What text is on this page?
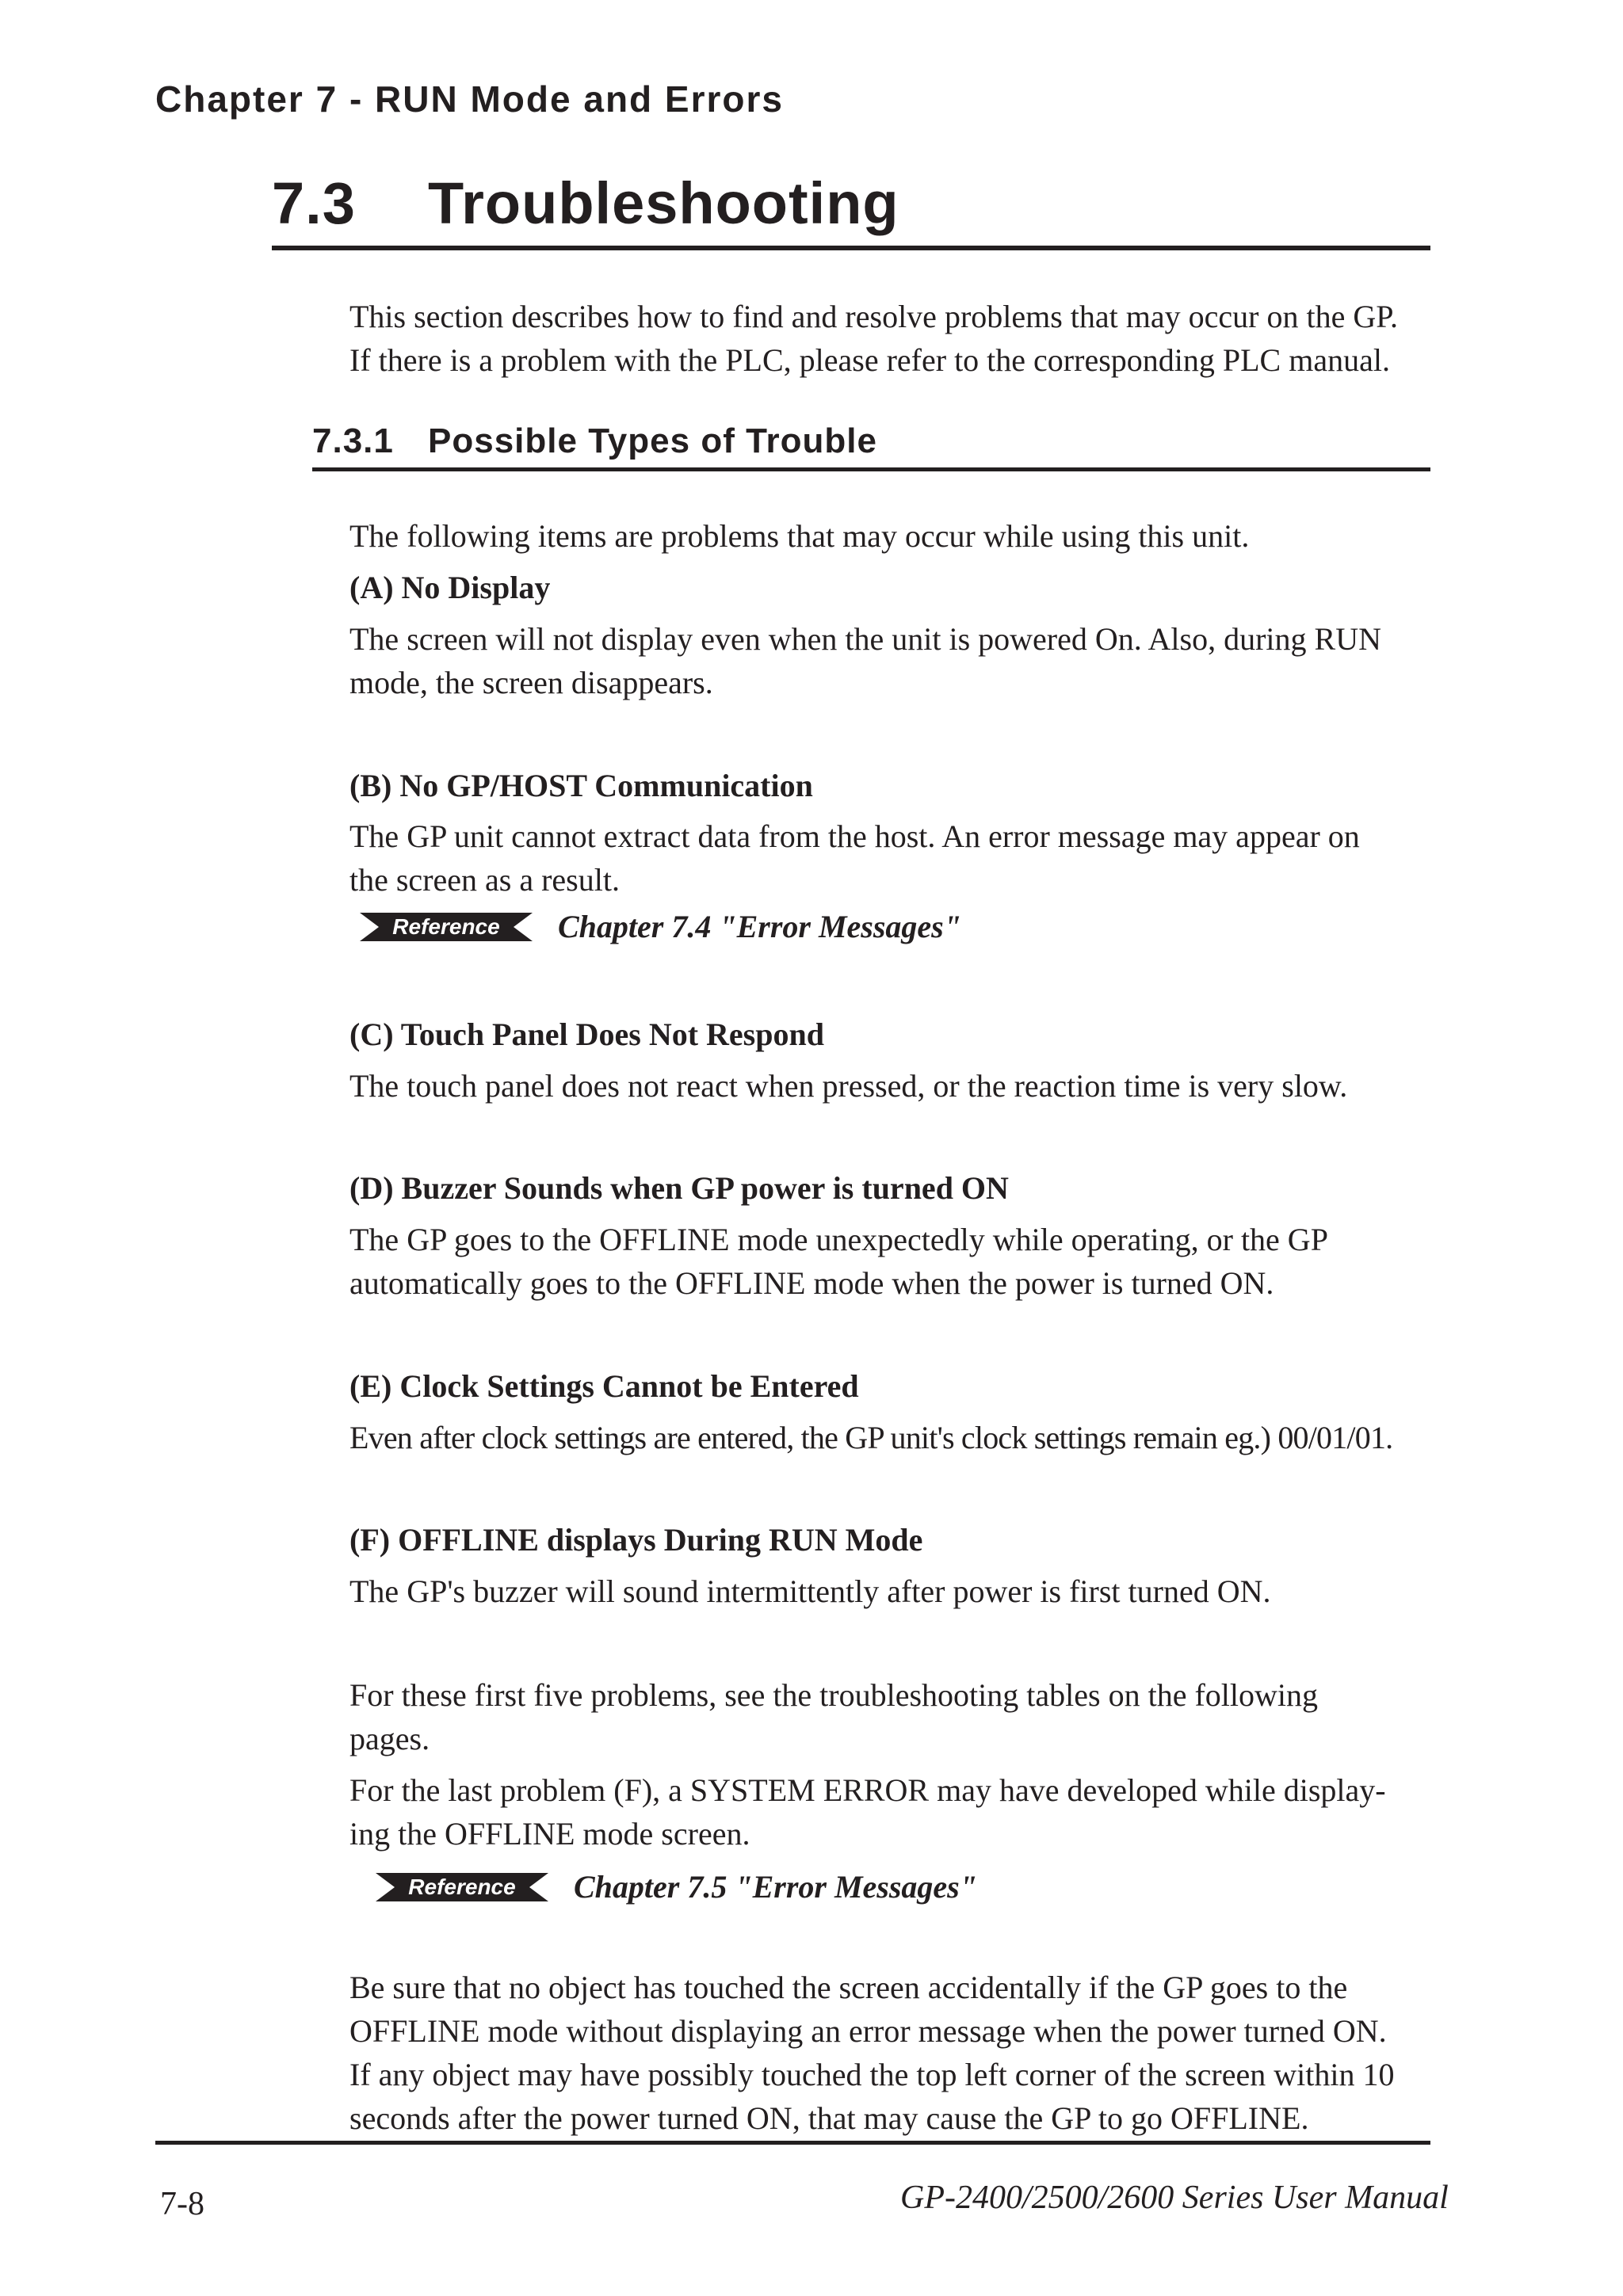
Chapter 7 - RUN Mode and Errors
7.3 Troubleshooting

This section describes how to find and resolve problems that may occur on the GP.
If there is a problem with the PLC, please refer to the corresponding PLC manual.

7.3.1 Possible Types of Trouble

The following items are problems that may occur while using this unit.

(A) No Display

The screen will not display even when the unit is powered On. Also, during RUN
mode, the screen disappears.

(B) No GP/HOST Communication

The GP unit cannot extract data from the host. An error message may appear on
the screen as a result.

Reference Chapter 7.4 "Error Messages"

(C) Touch Panel Does Not Respond

The touch panel does not react when pressed, or the reaction time is very slow.

(D) Buzzer Sounds when GP power is turned ON

The GP goes to the OFFLINE mode unexpectedly while operating, or the GP
automatically goes to the OFFLINE mode when the power is turned ON.

(E) Clock Settings Cannot be Entered

Even after clock settings are entered, the GP unit's clock settings remain eg.) 00/01/01.

(F) OFFLINE displays During RUN Mode

The GP's buzzer will sound intermittently after power is first turned ON.

For these first five problems, see the troubleshooting tables on the following
pages.

For the last problem (F), a SYSTEM ERROR may have developed while display-
ing the OFFLINE mode screen.

Reference Chapter 7.5 "Error Messages"

Be sure that no object has touched the screen accidentally if the GP goes to the
OFFLINE mode without displaying an error message when the power turned ON.
If any object may have possibly touched the top left corner of the screen within 10
seconds after the power turned ON, that may cause the GP to go OFFLINE.

7-8	GP-2400/2500/2600 Series User Manual
